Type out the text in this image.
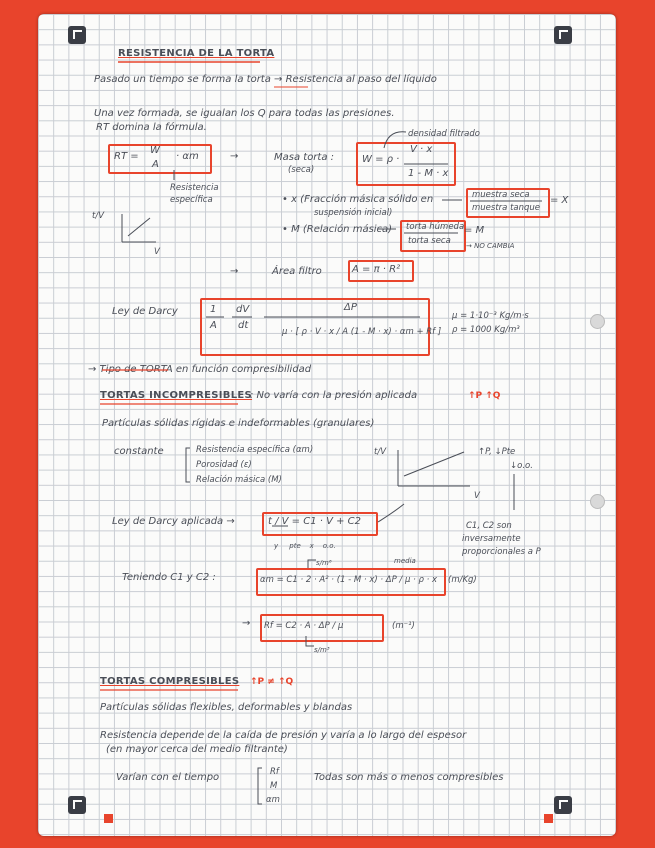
RESISTENCIA DE LA TORTA
Pasado un tiempo se forma la torta → Resistencia al paso del líquido
Una vez formada, se igualan los Q para todas las presiones.
RT domina la fórmula.
RT =
W
A
· αm
Resistencia específica
→	Masa torta :
(seca)
W = ρ ·
V · x
1 - M · x
densidad filtrado
t/V
V
• x (Fracción másica sólido en
suspensión inicial)
muestra seca
muestra tanque
= X
• M (Relación másica) torta húmeda
torta seca
= M
→ NO CAMBIA
→	Área filtro	A = π · R²
Ley de Darcy	1
A
dV
dt
ΔP
μ · [ ρ · V · x / A (1 - M · x) · αm + Rf ]
μ = 1·10⁻³ Kg/m·s
ρ = 1000 Kg/m³
→ Tipo de TORTA en función compresibilidad
TORTAS INCOMPRESIBLES
: No varía con la presión aplicada	↑P ↑Q
Partículas sólidas rígidas e indeformables (granulares)
constante	Resistencia específica (αm)
Porosidad (ε)
Relación másica (M)
t/V
V
↑P, ↓Pte
↓o.o.
Ley de Darcy aplicada →	t / V = C1 · V + C2
y     pte    x    o.o.
C1, C2 son
inversamente
proporcionales a P
Teniendo C1 y C2 :	αm = C1 · 2 · A² · (1 - M · x) · ΔP / μ · ρ · x (m/Kg)
s/m⁶	media
→ Rf = C2 · A · ΔP / μ	(m⁻¹)
s/m³
TORTAS COMPRESIBLES ↑P ≠ ↑Q
Partículas sólidas flexibles, deformables y blandas
Resistencia depende de la caída de presión y varía a lo largo del espesor
(en mayor cerca del medio filtrante)
Varían con el tiempo	Rf
M
αm
Todas son más o menos compresibles
